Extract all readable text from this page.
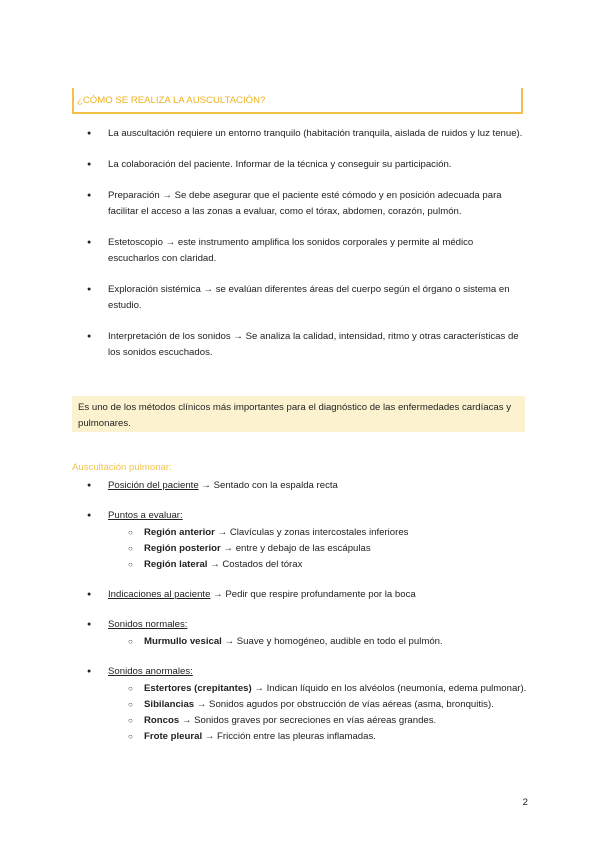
¿CÓMO SE REALIZA LA AUSCULTACIÓN?
● La auscultación requiere un entorno tranquilo (habitación tranquila, aislada de ruidos y luz tenue).
● La colaboración del paciente. Informar de la técnica y conseguir su participación.
● Preparación → Se debe asegurar que el paciente esté cómodo y en posición adecuada para facilitar el acceso a las zonas a evaluar, como el tórax, abdomen, corazón, pulmón.
● Estetoscopio → este instrumento amplifica los sonidos corporales y permite al médico escucharlos con claridad.
● Exploración sistémica → se evalúan diferentes áreas del cuerpo según el órgano o sistema en estudio.
● Interpretación de los sonidos → Se analiza la calidad, intensidad, ritmo y otras características de los sonidos escuchados.
Es uno de los métodos clínicos más importantes para el diagnóstico de las enfermedades cardíacas y pulmonares.
Auscultación pulmonar:
● Posición del paciente → Sentado con la espalda recta
● Puntos a evaluar:
○ Región anterior → Clavículas y zonas intercostales inferiores
○ Región posterior → entre y debajo de las escápulas
○ Región lateral → Costados del tórax
● Indicaciones al paciente → Pedir que respire profundamente por la boca
● Sonidos normales:
○ Murmullo vesical → Suave y homogéneo, audible en todo el pulmón.
● Sonidos anormales:
○ Estertores (crepitantes) → Indican líquido en los alvéolos (neumonía, edema pulmonar).
○ Sibilancias → Sonidos agudos por obstrucción de vías aéreas (asma, bronquitis).
○ Roncos → Sonidos graves por secreciones en vías aéreas grandes.
○ Frote pleural → Fricción entre las pleuras inflamadas.
2
